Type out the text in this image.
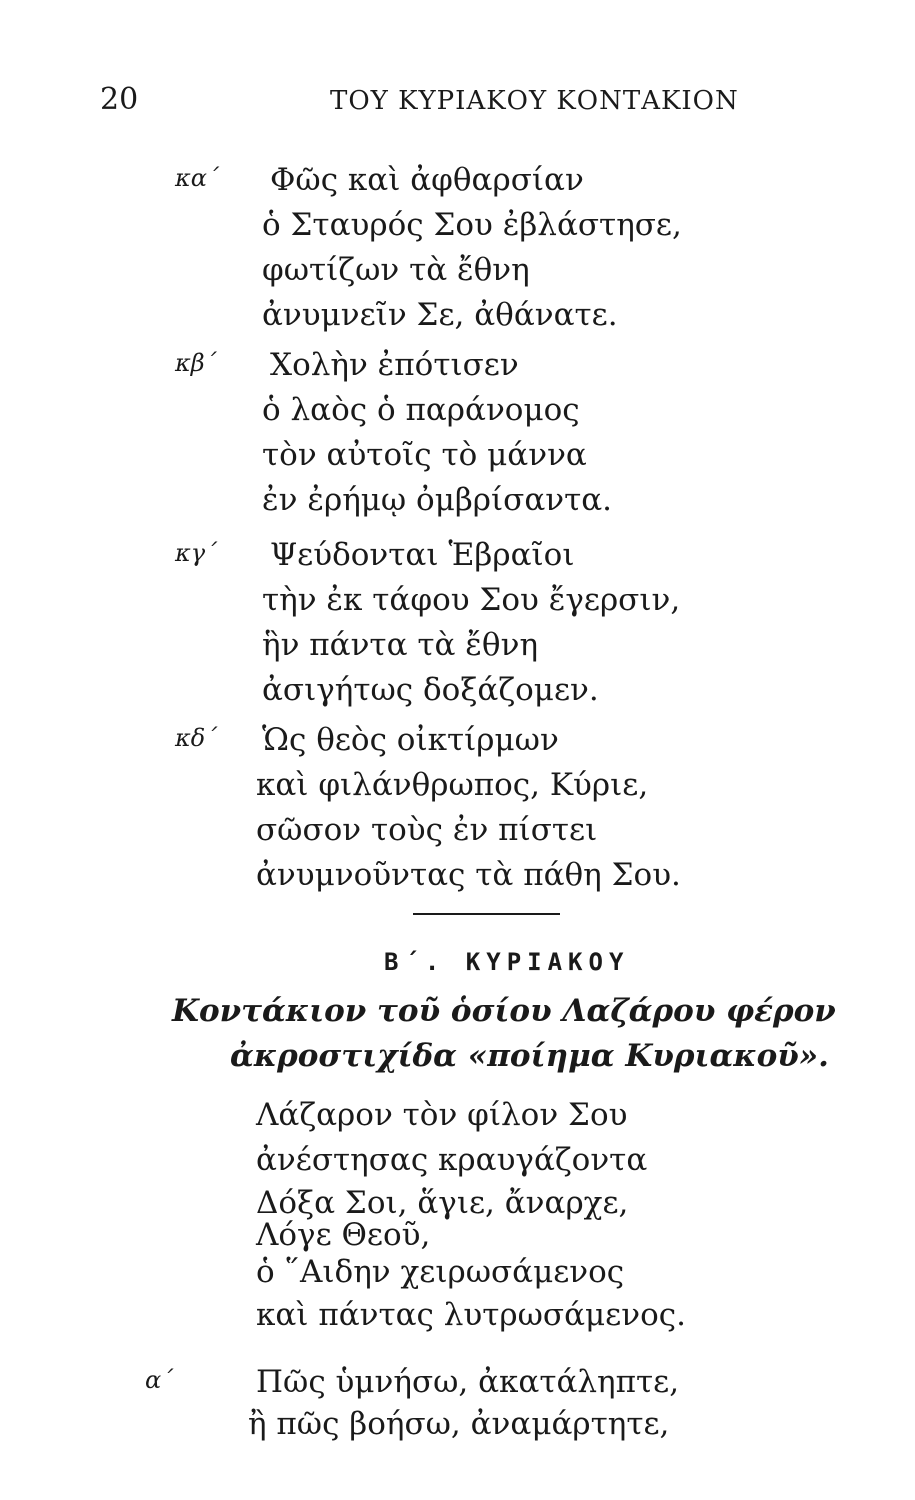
20	ΤΟΥ ΚΥΡΙΑΚΟΥ ΚΟΝΤΑΚΙΟΝ
κα΄ Φῶς καὶ ἀφθαρσίαν
ὁ Σταυρός Σου ἐβλάστησε,
φωτίζων τὰ ἔθνη
ἀνυμνεῖν Σε, ἀθάνατε.
κβ΄ Χολὴν ἐπότισεν
ὁ λαὸς ὁ παράνομος
τὸν αὐτοῖς τὸ μάννα
ἐν ἐρήμῳ ὀμβρίσαντα.
κγ΄ Ψεύδονται Ἑβραῖοι
τὴν ἐκ τάφου Σου ἔγερσιν,
ἣν πάντα τὰ ἔθνη
ἀσιγήτως δοξάζομεν.
κδ΄ Ὡς θεὸς οἰκτίρμων
καὶ φιλάνθρωπος, Κύριε,
σῶσον τοὺς ἐν πίστει
ἀνυμνοῦντας τὰ πάθη Σου.
Β΄. ΚΥΡΙΑΚΟΥ
Κοντάκιον τοῦ ὁσίου Λαζάρου φέρον
ἀκροστιχίδα «ποίημα Κυριακοῦ».
Λάζαρον τὸν φίλον Σου
ἀνέστησας κραυγάζοντα
Δόξα Σοι, ἅγιε, ἄναρχε,
Λόγε Θεοῦ,
ὁ ῞Αιδην χειρωσάμενος
καὶ πάντας λυτρωσάμενος.
α΄	Πῶς ὑμνήσω, ἀκατάληπτε,
ἢ πῶς βοήσω, ἀναμάρτητε,
